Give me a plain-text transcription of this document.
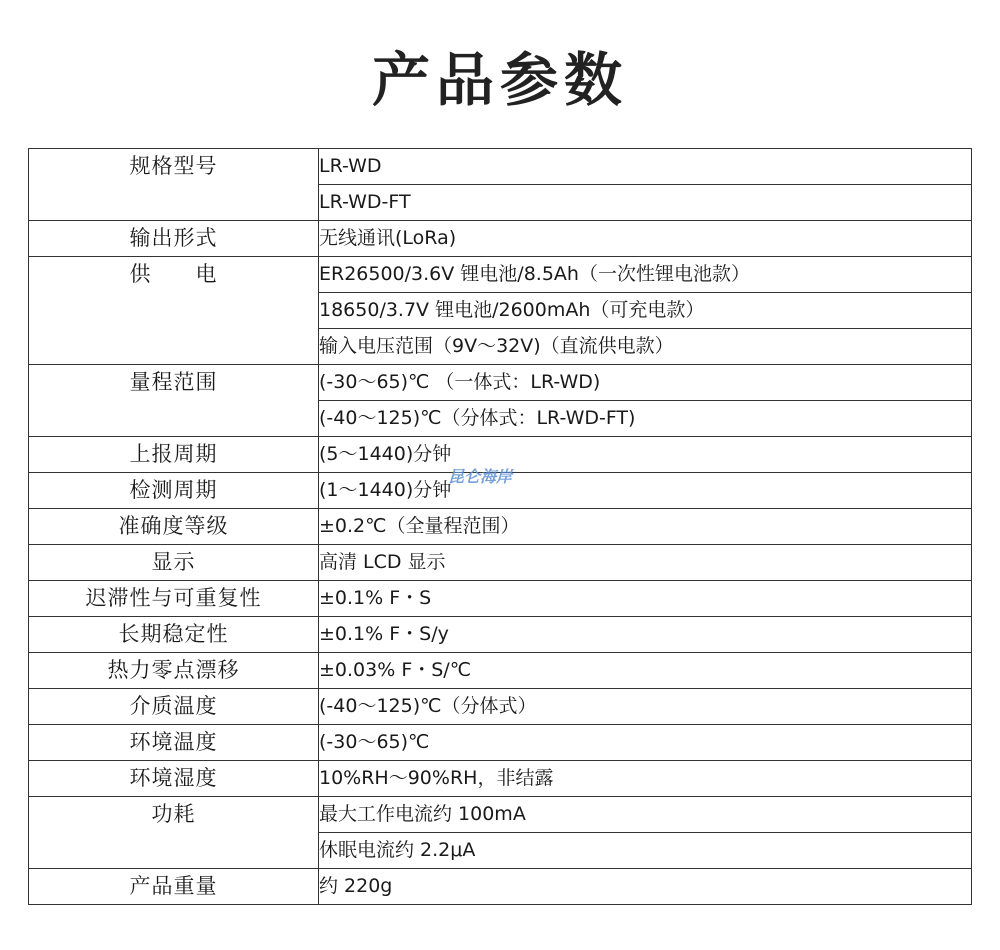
产品参数
规格型号	LR-WD

	LR-WD-FT

输出形式	无线通讯(LoRa)

供　　电	ER26500/3.6V 锂电池/8.5Ah（一次性锂电池款）

	18650/3.7V 锂电池/2600mAh（可充电款）

	输入电压范围（9V～32V)（直流供电款）

量程范围	(-30～65)℃ （一体式：LR-WD)

	(-40～125)℃（分体式：LR-WD-FT)

上报周期	(5～1440)分钟

检测周期	(1～1440)分钟

准确度等级	±0.2℃（全量程范围）

显示	高清 LCD 显示

迟滞性与可重复性	±0.1% F・S

长期稳定性	±0.1% F・S/y

热力零点漂移	±0.03% F・S/℃

介质温度	(-40～125)℃（分体式）

环境温度	(-30～65)℃

环境湿度	10%RH～90%RH，非结露

功耗	最大工作电流约 100mA

	休眠电流约 2.2μA

产品重量	约 220g
昆仑海岸
